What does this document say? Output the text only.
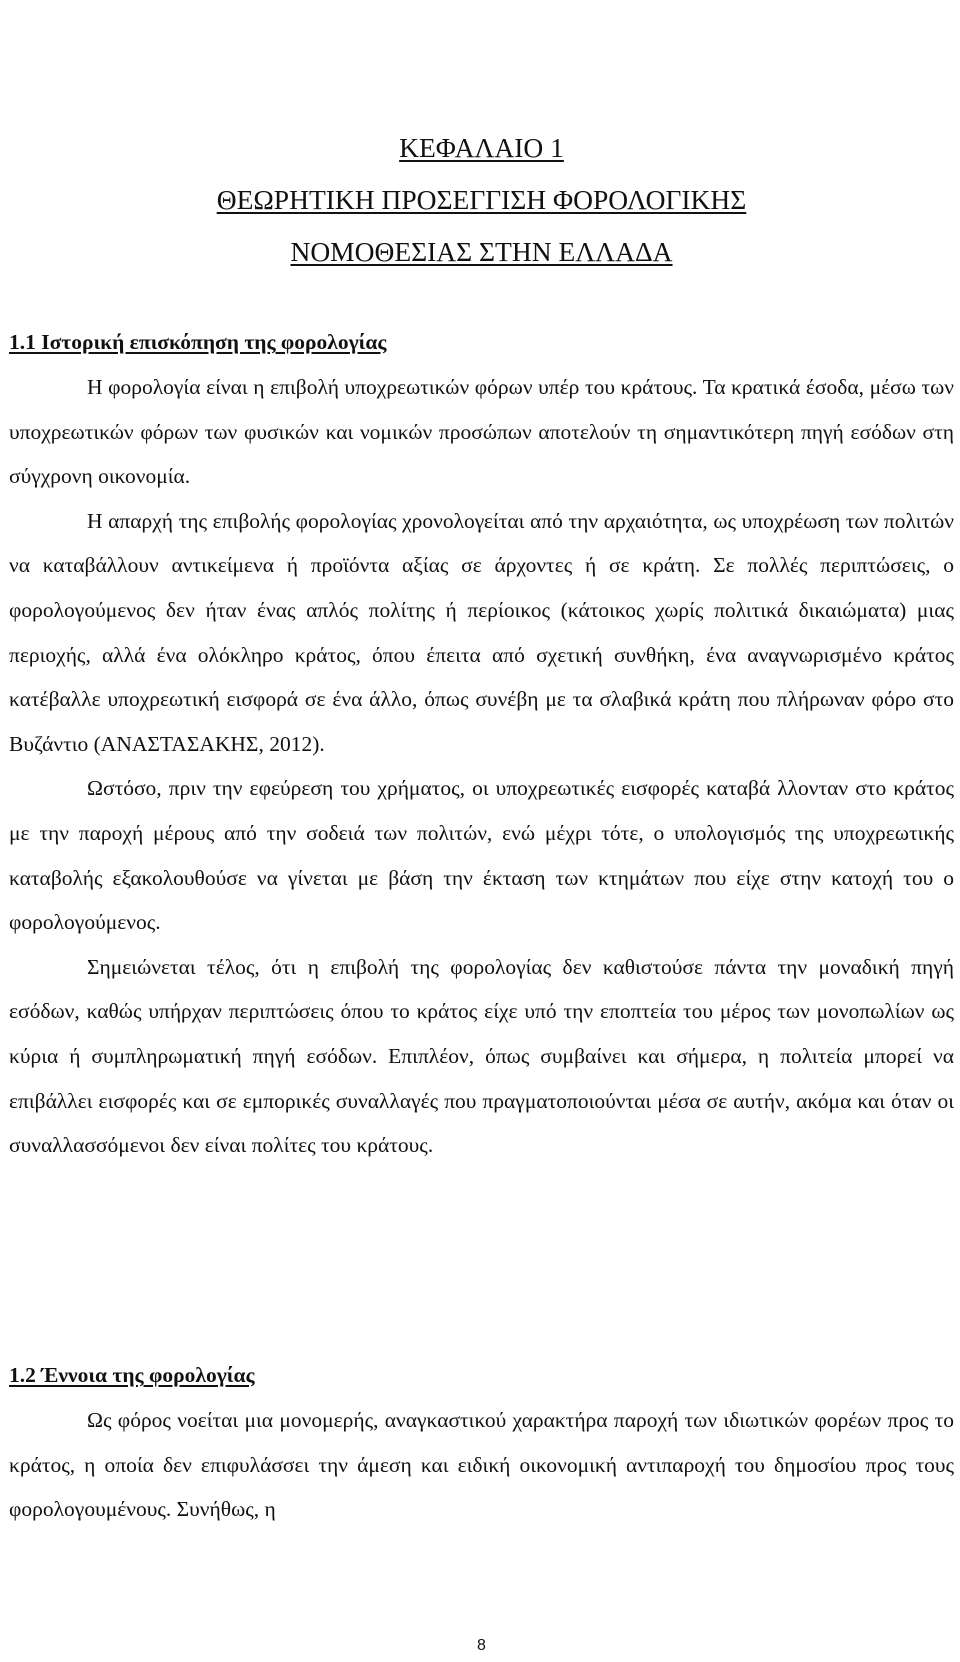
ΚΕΦΑΛΑΙΟ 1
ΘΕΩΡΗΤΙΚΗ ΠΡΟΣΕΓΓΙΣΗ ΦΟΡΟΛΟΓΙΚΗΣ
ΝΟΜΟΘΕΣΙΑΣ ΣΤΗΝ ΕΛΛΑΔΑ
1.1 Ιστορική επισκόπηση της φορολογίας

Η φορολογία είναι η επιβολή υποχρεωτικών φόρων υπέρ του κράτους. Τα κρατικά έσοδα, μέσω των υποχρεωτικών φόρων των φυσικών και νομικών προσώπων αποτελούν τη σημαντικότερη πηγή εσόδων στη σύγχρονη οικονομία.

Η απαρχή της επιβολής φορολογίας χρονολογείται από την αρχαιότητα, ως υποχρέωση των πολιτών να καταβάλλουν αντικείμενα ή προϊόντα αξίας σε άρχοντες ή σε κράτη. Σε πολλές περιπτώσεις, ο φορολογούμενος δεν ήταν ένας απλός πολίτης ή περίοικος (κάτοικος χωρίς πολιτικά δικαιώματα) μιας περιοχής, αλλά ένα ολόκληρο κράτος, όπου έπειτα από σχετική συνθήκη, ένα αναγνωρισμένο κράτος κατέβαλλε υποχρεωτική εισφορά σε ένα άλλο, όπως συνέβη με τα σλαβικά κράτη που πλήρωναν φόρο στο Βυζάντιο (ΑΝΑΣΤΑΣΑΚΗΣ, 2012).

Ωστόσο, πριν την εφεύρεση του χρήματος, οι υποχρεωτικές εισφορές καταβά λλονταν στο κράτος με την παροχή μέρους από την σοδειά των πολιτών, ενώ μέχρι τότε, ο υπολογισμός της υποχρεωτικής καταβολής εξακολουθούσε να γίνεται με βάση την έκταση των κτημάτων που είχε στην κατοχή του ο φορολογούμενος.

Σημειώνεται τέλος, ότι η επιβολή της φορολογίας δεν καθιστούσε πάντα την μοναδική πηγή εσόδων, καθώς υπήρχαν περιπτώσεις όπου το κράτος είχε υπό την εποπτεία του μέρος των μονοπωλίων ως κύρια ή συμπληρωματική πηγή εσόδων. Επιπλέον, όπως συμβαίνει και σήμερα, η πολιτεία μπορεί να επιβάλλει εισφορές και σε εμπορικές συναλλαγές που πραγματοποιούνται μέσα σε αυτήν, ακόμα και όταν οι συναλλασσόμενοι δεν είναι πολίτες του κράτους.

1.2 Έννοια της φορολογίας

Ως φόρος νοείται μια μονομερής, αναγκαστικού χαρακτήρα παροχή των ιδιωτικών φορέων προς το κράτος, η οποία δεν επιφυλάσσει την άμεση και ειδική οικονομική αντιπαροχή του δημοσίου προς τους φορολογουμένους. Συνήθως, η

8
